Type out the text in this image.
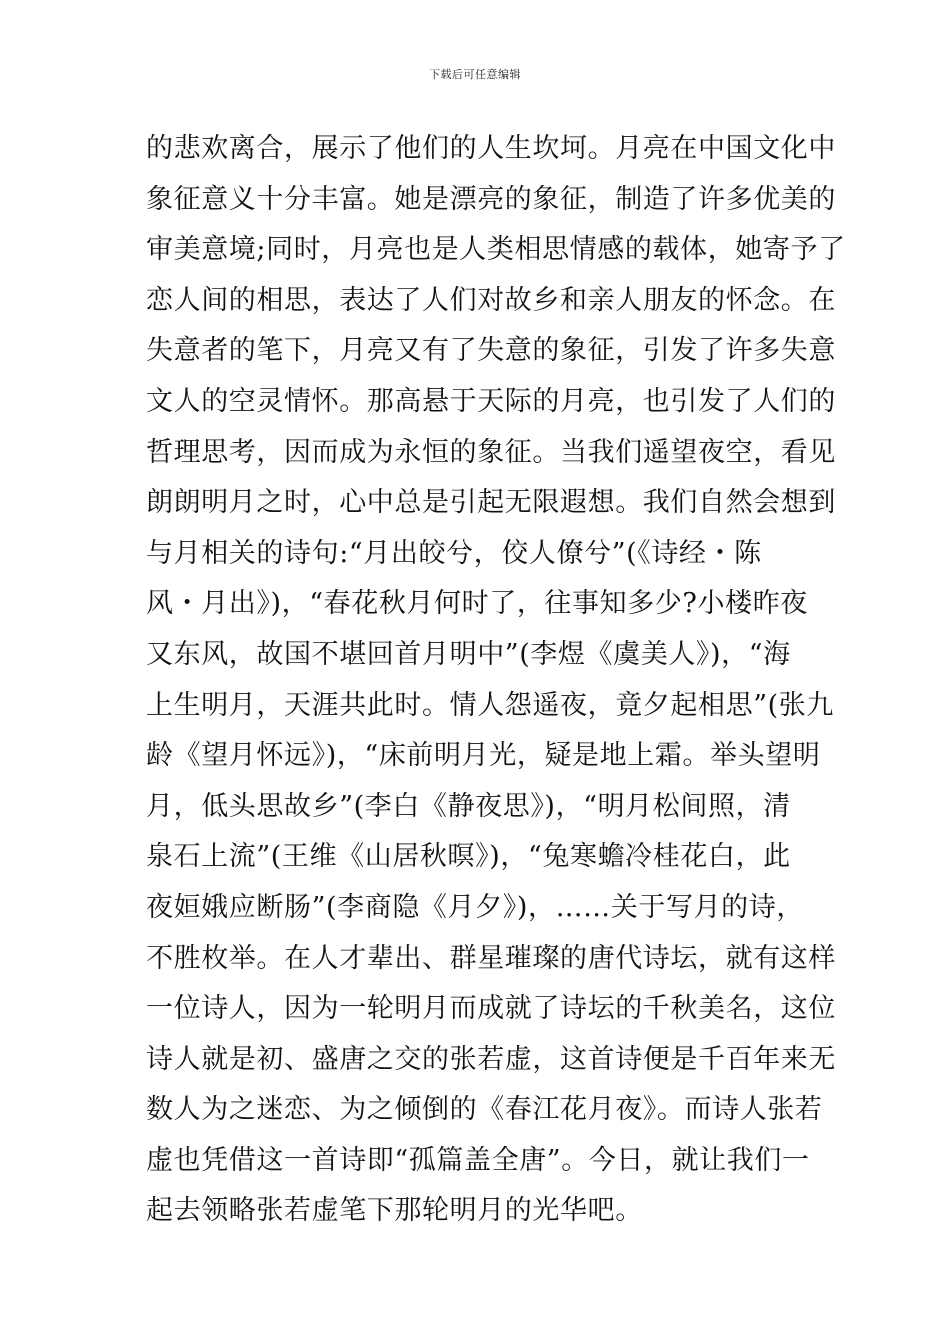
下载后可任意编辑
的悲欢离合，展示了他们的人生坎坷。月亮在中国文化中
象征意义十分丰富。她是漂亮的象征，制造了许多优美的
审美意境;同时，月亮也是人类相思情感的载体，她寄予了
恋人间的相思，表达了人们对故乡和亲人朋友的怀念。在
失意者的笔下，月亮又有了失意的象征，引发了许多失意
文人的空灵情怀。那高悬于天际的月亮，也引发了人们的
哲理思考，因而成为永恒的象征。当我们遥望夜空，看见
朗朗明月之时，心中总是引起无限遐想。我们自然会想到
与月相关的诗句:“月出皎兮，佼人僚兮”(《诗经・陈
风・月出》)，“春花秋月何时了，往事知多少?小楼昨夜
又东风，故国不堪回首月明中”(李煜《虞美人》)，“海
上生明月，天涯共此时。情人怨遥夜，竟夕起相思”(张九
龄《望月怀远》)，“床前明月光，疑是地上霜。举头望明
月，低头思故乡”(李白《静夜思》)，“明月松间照，清
泉石上流”(王维《山居秋暝》)，“兔寒蟾冷桂花白，此
夜姮娥应断肠”(李商隐《月夕》)，……关于写月的诗，
不胜枚举。在人才辈出、群星璀璨的唐代诗坛，就有这样
一位诗人，因为一轮明月而成就了诗坛的千秋美名，这位
诗人就是初、盛唐之交的张若虚，这首诗便是千百年来无
数人为之迷恋、为之倾倒的《春江花月夜》。而诗人张若
虚也凭借这一首诗即“孤篇盖全唐”。今日，就让我们一
起去领略张若虚笔下那轮明月的光华吧。
